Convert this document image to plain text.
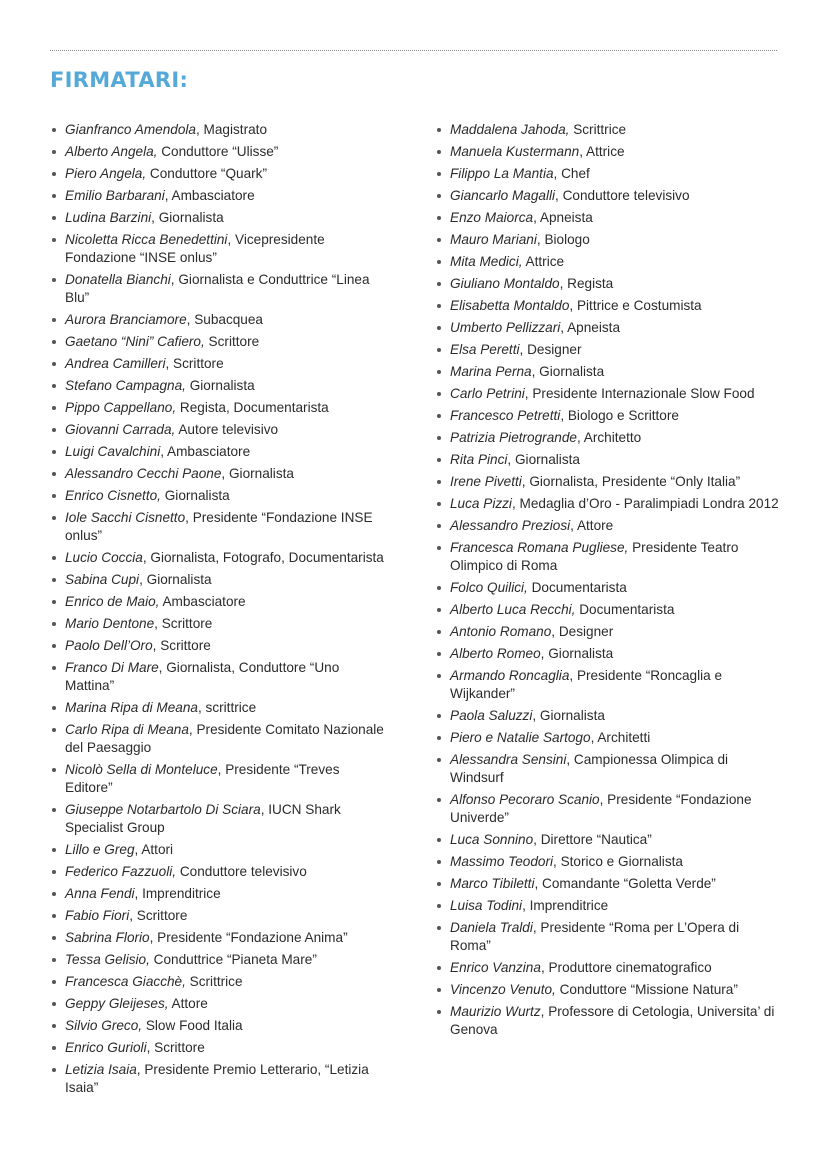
FIRMATARI:
Gianfranco Amendola, Magistrato
Alberto Angela, Conduttore “Ulisse”
Piero Angela, Conduttore “Quark”
Emilio Barbarani, Ambasciatore
Ludina Barzini, Giornalista
Nicoletta Ricca Benedettini, Vicepresidente Fondazione “INSE onlus”
Donatella Bianchi, Giornalista e Conduttrice “Linea Blu”
Aurora Branciamore, Subacquea
Gaetano “Nini” Cafiero, Scrittore
Andrea Camilleri, Scrittore
Stefano Campagna, Giornalista
Pippo Cappellano, Regista, Documentarista
Giovanni Carrada, Autore televisivo
Luigi Cavalchini, Ambasciatore
Alessandro Cecchi Paone, Giornalista
Enrico Cisnetto, Giornalista
Iole Sacchi Cisnetto, Presidente “Fondazione INSE onlus”
Lucio Coccia, Giornalista, Fotografo, Documentarista
Sabina Cupi, Giornalista
Enrico de Maio, Ambasciatore
Mario Dentone, Scrittore
Paolo Dell’Oro, Scrittore
Franco Di Mare, Giornalista, Conduttore “Uno Mattina”
Marina Ripa di Meana, scrittrice
Carlo Ripa di Meana, Presidente Comitato Nazionale del Paesaggio
Nicolò Sella di Monteluce, Presidente “Treves Editore”
Giuseppe Notarbartolo Di Sciara, IUCN Shark Specialist Group
Lillo e Greg, Attori
Federico Fazzuoli, Conduttore televisivo
Anna Fendi, Imprenditrice
Fabio Fiori, Scrittore
Sabrina Florio, Presidente “Fondazione Anima”
Tessa Gelisio, Conduttrice “Pianeta Mare”
Francesca Giacchè, Scrittrice
Geppy Gleijeses, Attore
Silvio Greco, Slow Food Italia
Enrico Gurioli, Scrittore
Letizia Isaia, Presidente Premio Letterario, “Letizia Isaia”
Maddalena Jahoda, Scrittrice
Manuela Kustermann, Attrice
Filippo La Mantia, Chef
Giancarlo Magalli, Conduttore televisivo
Enzo Maiorca, Apneista
Mauro Mariani, Biologo
Mita Medici, Attrice
Giuliano Montaldo, Regista
Elisabetta Montaldo, Pittrice e Costumista
Umberto Pellizzari, Apneista
Elsa Peretti, Designer
Marina Perna, Giornalista
Carlo Petrini, Presidente Internazionale Slow Food
Francesco Petretti, Biologo e Scrittore
Patrizia Pietrogrande, Architetto
Rita Pinci, Giornalista
Irene Pivetti, Giornalista, Presidente “Only Italia”
Luca Pizzi, Medaglia d’Oro - Paralimpiadi Londra 2012
Alessandro Preziosi, Attore
Francesca Romana Pugliese, Presidente Teatro Olimpico di Roma
Folco Quilici, Documentarista
Alberto Luca Recchi, Documentarista
Antonio Romano, Designer
Alberto Romeo, Giornalista
Armando Roncaglia, Presidente “Roncaglia e Wijkander”
Paola Saluzzi, Giornalista
Piero e Natalie Sartogo, Architetti
Alessandra Sensini, Campionessa Olimpica di Windsurf
Alfonso Pecoraro Scanio, Presidente “Fondazione Univerde”
Luca Sonnino, Direttore “Nautica”
Massimo Teodori, Storico e Giornalista
Marco Tibiletti, Comandante “Goletta Verde”
Luisa Todini, Imprenditrice
Daniela Traldi, Presidente “Roma per L’Opera di Roma”
Enrico Vanzina, Produttore cinematografico
Vincenzo Venuto, Conduttore “Missione Natura”
Maurizio Wurtz, Professore di Cetologia, Universita’ di Genova
